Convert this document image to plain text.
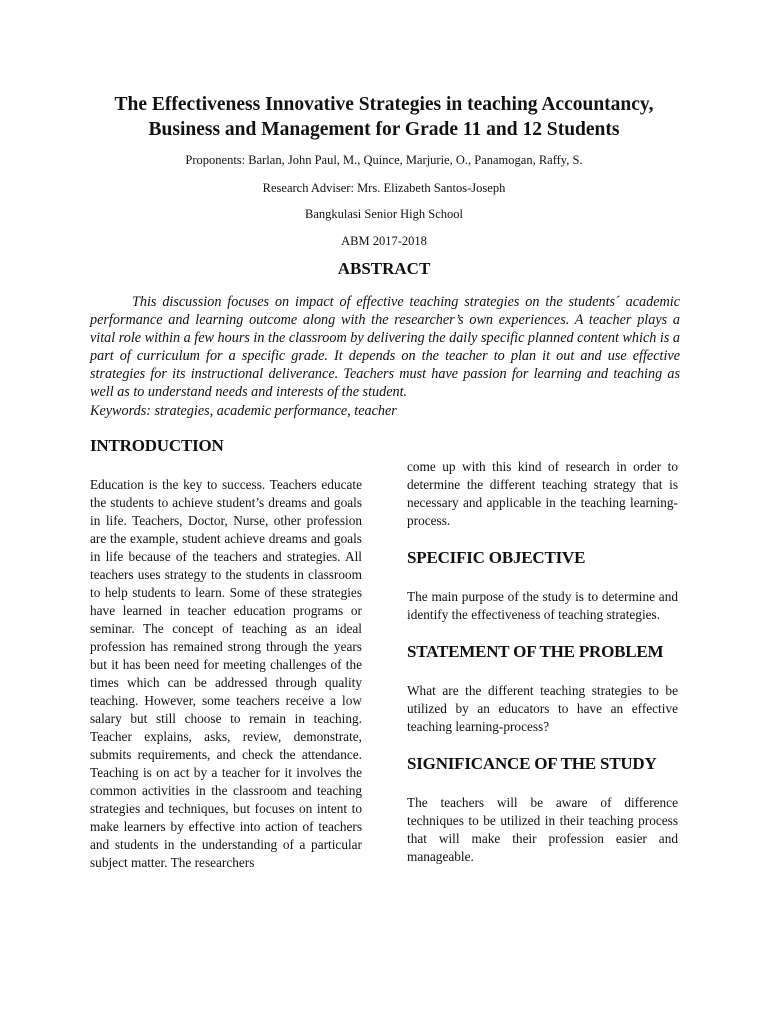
The Effectiveness Innovative Strategies in teaching Accountancy,
Business and Management for Grade 11 and 12 Students
Proponents: Barlan, John Paul, M., Quince, Marjurie, O., Panamogan, Raffy, S.
Research Adviser: Mrs. Elizabeth Santos-Joseph
Bangkulasi Senior High School
ABM 2017-2018
ABSTRACT

This discussion focuses on impact of effective teaching strategies on the students´ academic performance and learning outcome along with the researcher’s own experiences. A teacher plays a vital role within a few hours in the classroom by delivering the daily specific planned content which is a part of curriculum for a specific grade. It depends on the teacher to plan it out and use effective strategies for its instructional deliverance. Teachers must have passion for learning and teaching as well as to understand needs and interests of the student.

Keywords: strategies, academic performance, teacher
INTRODUCTION

Education is the key to success. Teachers educate the students to achieve student’s dreams and goals in life. Teachers, Doctor, Nurse, other profession are the example, student achieve dreams and goals in life because of the teachers and strategies. All teachers uses strategy to the students in classroom to help students to learn. Some of these strategies have learned in teacher education programs or seminar. The concept of teaching as an ideal profession has remained strong through the years but it has been need for meeting challenges of the times which can be addressed through quality teaching. However, some teachers receive a low salary but still choose to remain in teaching. Teacher explains, asks, review, demonstrate, submits requirements, and check the attendance. Teaching is on act by a teacher for it involves the common activities in the classroom and teaching strategies and techniques, but focuses on intent to make learners by effective into action of teachers and students in the understanding of a particular subject matter. The researchers

come up with this kind of research in order to determine the different teaching strategy that is necessary and applicable in the teaching learning-process.

SPECIFIC OBJECTIVE

The main purpose of the study is to determine and identify the effectiveness of teaching strategies.

STATEMENT OF THE PROBLEM

What are the different teaching strategies to be utilized by an educators to have an effective teaching learning-process?

SIGNIFICANCE OF THE STUDY

The teachers will be aware of difference techniques to be utilized in their teaching process that will make their profession easier and manageable.
